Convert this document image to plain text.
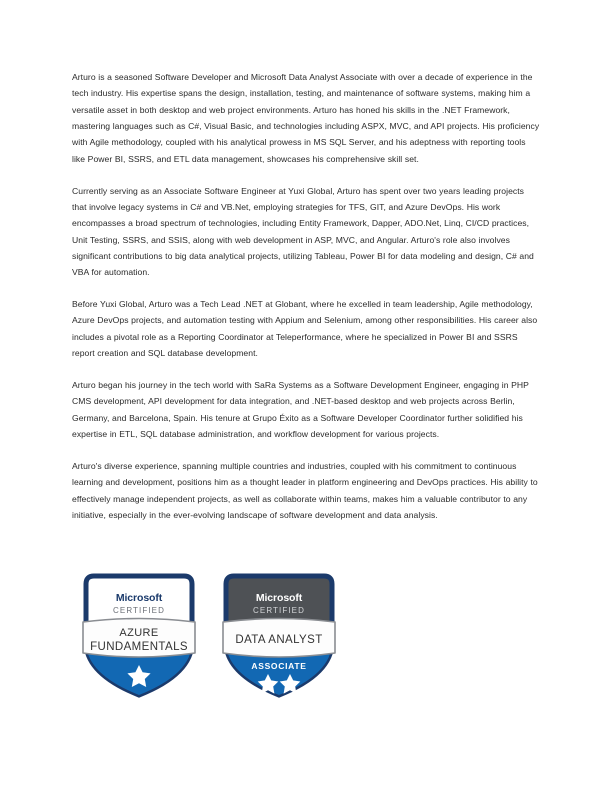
Arturo is a seasoned Software Developer and Microsoft Data Analyst Associate with over a decade of experience in the tech industry. His expertise spans the design, installation, testing, and maintenance of software systems, making him a versatile asset in both desktop and web project environments. Arturo has honed his skills in the .NET Framework, mastering languages such as C#, Visual Basic, and technologies including ASPX, MVC, and API projects. His proficiency with Agile methodology, coupled with his analytical prowess in MS SQL Server, and his adeptness with reporting tools like Power BI, SSRS, and ETL data management, showcases his comprehensive skill set.

Currently serving as an Associate Software Engineer at Yuxi Global, Arturo has spent over two years leading projects that involve legacy systems in C# and VB.Net, employing strategies for TFS, GIT, and Azure DevOps. His work encompasses a broad spectrum of technologies, including Entity Framework, Dapper, ADO.Net, Linq, CI/CD practices, Unit Testing, SSRS, and SSIS, along with web development in ASP, MVC, and Angular. Arturo's role also involves significant contributions to big data analytical projects, utilizing Tableau, Power BI for data modeling and design, C# and VBA for automation.

Before Yuxi Global, Arturo was a Tech Lead .NET at Globant, where he excelled in team leadership, Agile methodology, Azure DevOps projects, and automation testing with Appium and Selenium, among other responsibilities. His career also includes a pivotal role as a Reporting Coordinator at Teleperformance, where he specialized in Power BI and SSRS report creation and SQL database development.

Arturo began his journey in the tech world with SaRa Systems as a Software Development Engineer, engaging in PHP CMS development, API development for data integration, and .NET-based desktop and web projects across Berlin, Germany, and Barcelona, Spain. His tenure at Grupo Éxito as a Software Developer Coordinator further solidified his expertise in ETL, SQL database administration, and workflow development for various projects.

Arturo's diverse experience, spanning multiple countries and industries, coupled with his commitment to continuous learning and development, positions him as a thought leader in platform engineering and DevOps practices. His ability to effectively manage independent projects, as well as collaborate within teams, makes him a valuable contributor to any initiative, especially in the ever-evolving landscape of software development and data analysis.

Microsoft
CERTIFIED
AZURE
FUNDAMENTALS
Microsoft
CERTIFIED
DATA ANALYST
ASSOCIATE
